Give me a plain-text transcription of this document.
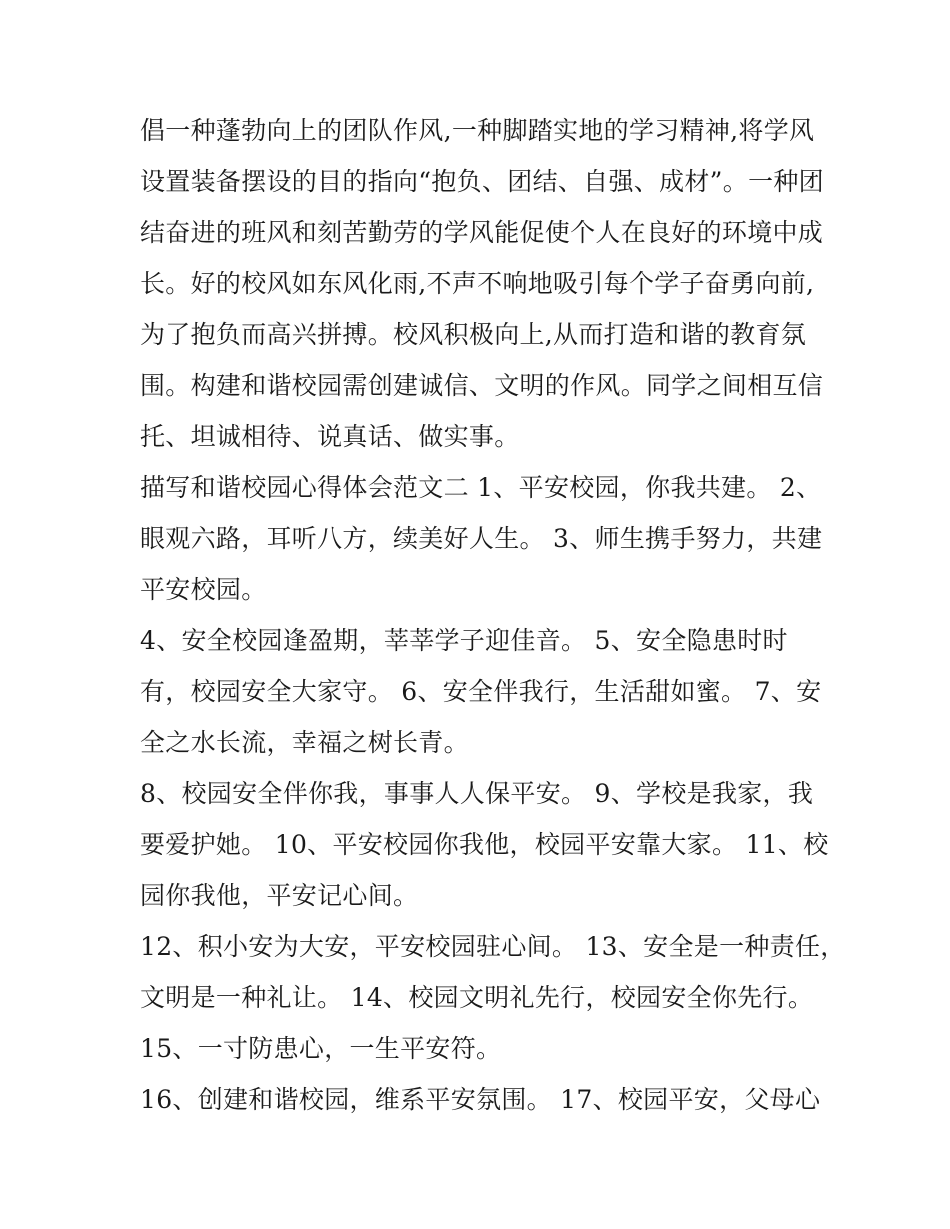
倡一种蓬勃向上的团队作风,一种脚踏实地的学习精神,将学风
设置装备摆设的目的指向“抱负、团结、自强、成材”。一种团
结奋进的班风和刻苦勤劳的学风能促使个人在良好的环境中成
长。好的校风如东风化雨,不声不响地吸引每个学子奋勇向前,
为了抱负而高兴拼搏。校风积极向上,从而打造和谐的教育氛
围。构建和谐校园需创建诚信、文明的作风。同学之间相互信
托、坦诚相待、说真话、做实事。

描写和谐校园心得体会范文二 1、平安校园，你我共建。 2、
眼观六路，耳听八方，续美好人生。 3、师生携手努力，共建
平安校园。

4、安全校园逢盈期，莘莘学子迎佳音。 5、安全隐患时时
有，校园安全大家守。 6、安全伴我行，生活甜如蜜。 7、安
全之水长流，幸福之树长青。

8、校园安全伴你我，事事人人保平安。 9、学校是我家，我
要爱护她。 10、平安校园你我他，校园平安靠大家。 11、校
园你我他，平安记心间。

12、积小安为大安，平安校园驻心间。 13、安全是一种责任，
文明是一种礼让。 14、校园文明礼先行，校园安全你先行。
15、一寸防患心，一生平安符。

16、创建和谐校园，维系平安氛围。 17、校园平安，父母心
